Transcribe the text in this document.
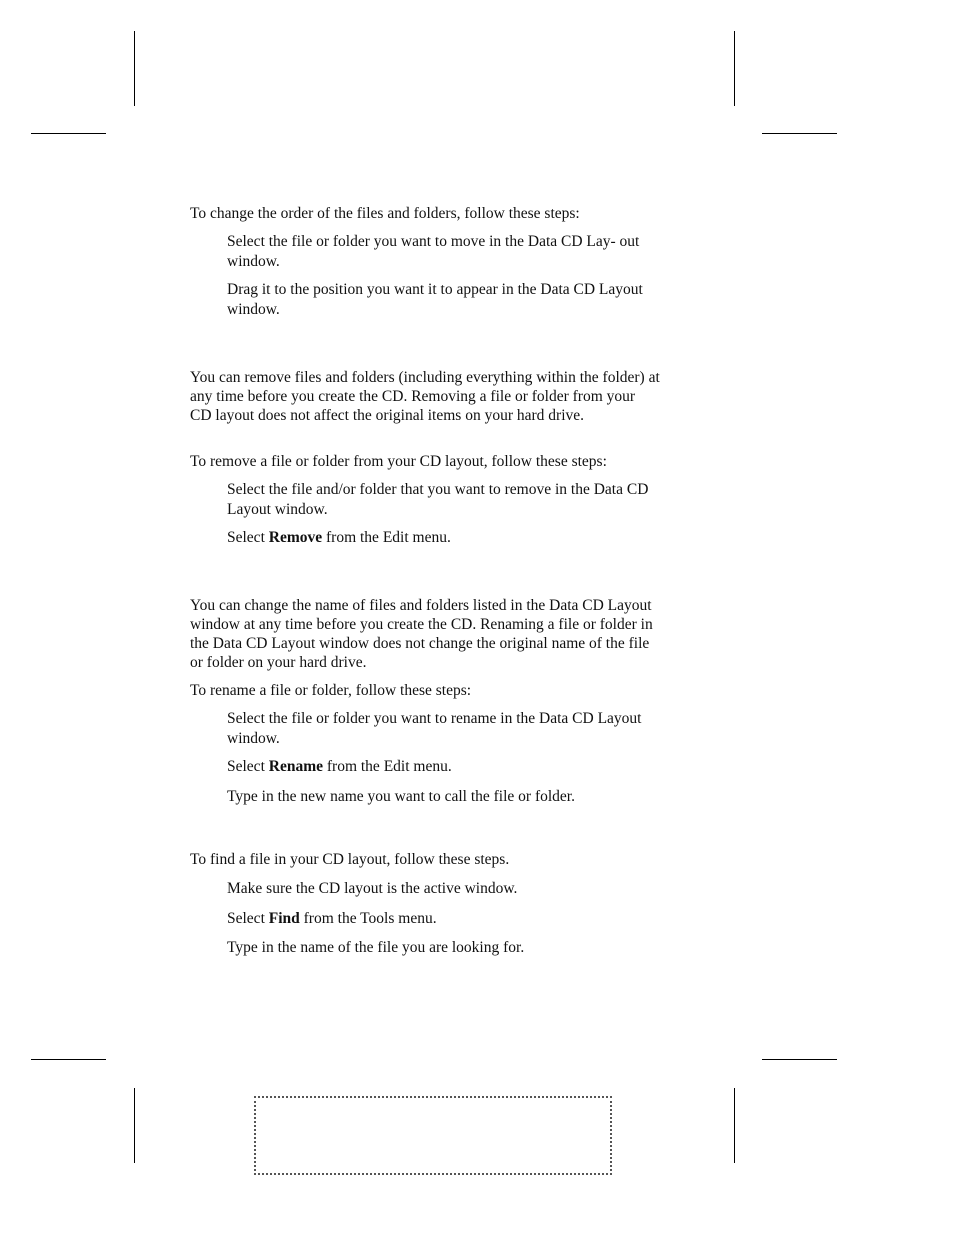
To change the order of the files and folders, follow these steps:

Select the file or folder you want to move in the Data CD Lay- out window.

Drag it to the position you want it to appear in the Data CD Layout window.

You can remove files and folders (including everything within the folder) at any time before you create the CD. Removing a file or folder from your CD layout does not affect the original items on your hard drive.

To remove a file or folder from your CD layout, follow these steps:

Select the file and/or folder that you want to remove in the Data CD Layout window.

Select Remove from the Edit menu.

You can change the name of files and folders listed in the Data CD Layout window at any time before you create the CD. Renaming a file or folder in the Data CD Layout window does not change the original name of the file or folder on your hard drive.

To rename a file or folder, follow these steps:

Select the file or folder you want to rename in the Data CD Layout window.

Select Rename from the Edit menu.

Type in the new name you want to call the file or folder.

To find a file in your CD layout, follow these steps.

Make sure the CD layout is the active window.

Select Find from the Tools menu.

Type in the name of the file you are looking for.
